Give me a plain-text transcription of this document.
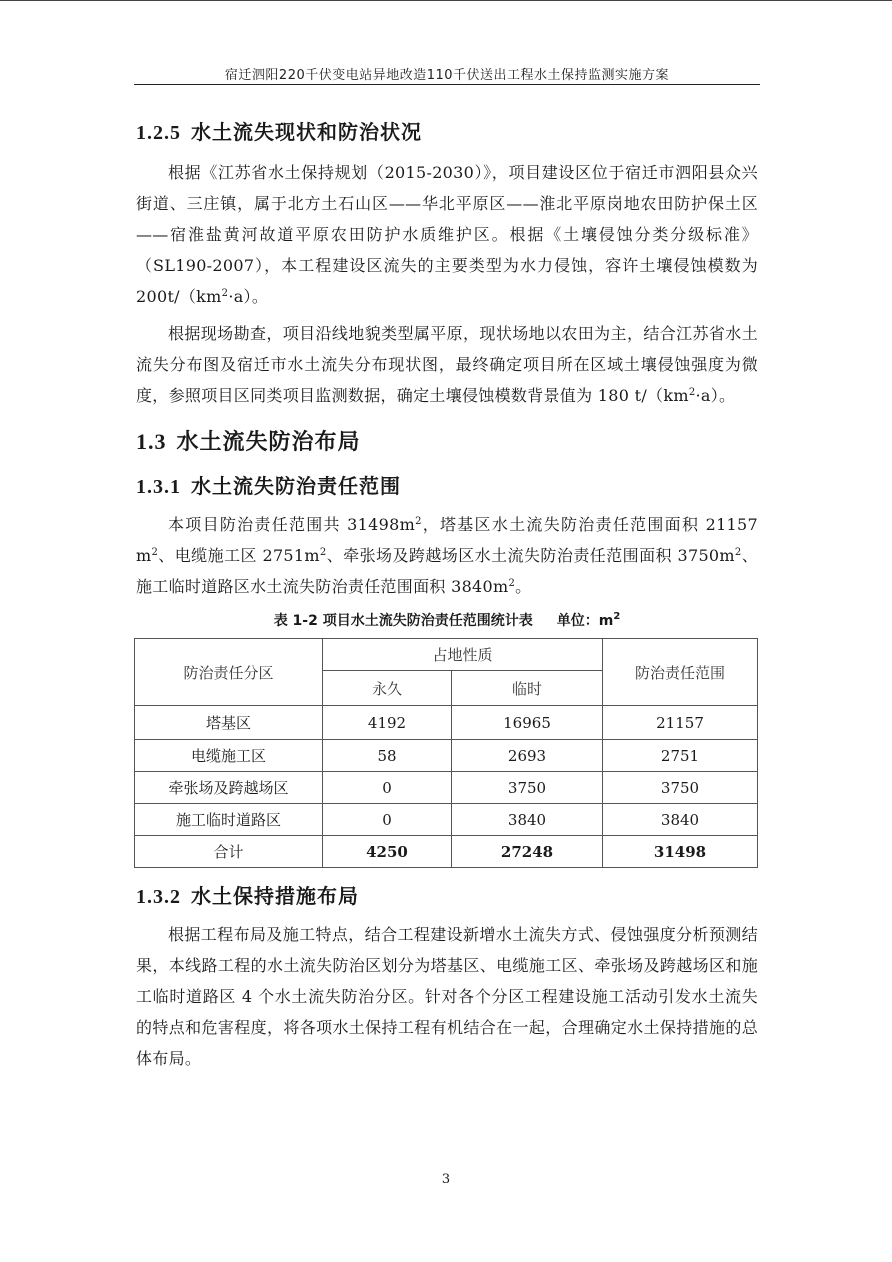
宿迁泗阳220千伏变电站异地改造110千伏送出工程水土保持监测实施方案
1.2.5 水土流失现状和防治状况

根据《江苏省水土保持规划（2015-2030）》，项目建设区位于宿迁市泗阳县众兴街道、三庄镇，属于北方土石山区——华北平原区——淮北平原岗地农田防护保土区——宿淮盐黄河故道平原农田防护水质维护区。根据《土壤侵蚀分类分级标准》（SL190-2007），本工程建设区流失的主要类型为水力侵蚀，容许土壤侵蚀模数为 $200t/(km^2\cdot a)$。

根据现场勘查，项目沿线地貌类型属平原，现状场地以农田为主，结合江苏省水土流失分布图及宿迁市水土流失分布现状图，最终确定项目所在区域土壤侵蚀强度为微度，参照项目区同类项目监测数据，确定土壤侵蚀模数背景值为 180 $t/(km^2\cdot a)$。

1.3 水土流失防治布局
1.3.1 水土流失防治责任范围

本项目防治责任范围共 $31498m^2$，塔基区水土流失防治责任范围面积 21157 $m^2$、电缆施工区 $2751m^2$、牵张场及跨越场区水土流失防治责任范围面积 $3750m^2$、施工临时道路区水土流失防治责任范围面积 $3840m^2$。

表 1-2 项目水土流失防治责任范围统计表 单位：$m^2$
防治责任分区	占地性质		防治责任范围
	永久	临时	
塔基区	4192	16965	21157
电缆施工区	58	2693	2751
牵张场及跨越场区	0	3750	3750
施工临时道路区	0	3840	3840
合计	4250	27248	31498
1.3.2 水土保持措施布局

根据工程布局及施工特点，结合工程建设新增水土流失方式、侵蚀强度分析预测结果，本线路工程的水土流失防治区划分为塔基区、电缆施工区、牵张场及跨越场区和施工临时道路区 4 个水土流失防治分区。针对各个分区工程建设施工活动引发水土流失的特点和危害程度，将各项水土保持工程有机结合在一起，合理确定水土保持措施的总体布局。

3
